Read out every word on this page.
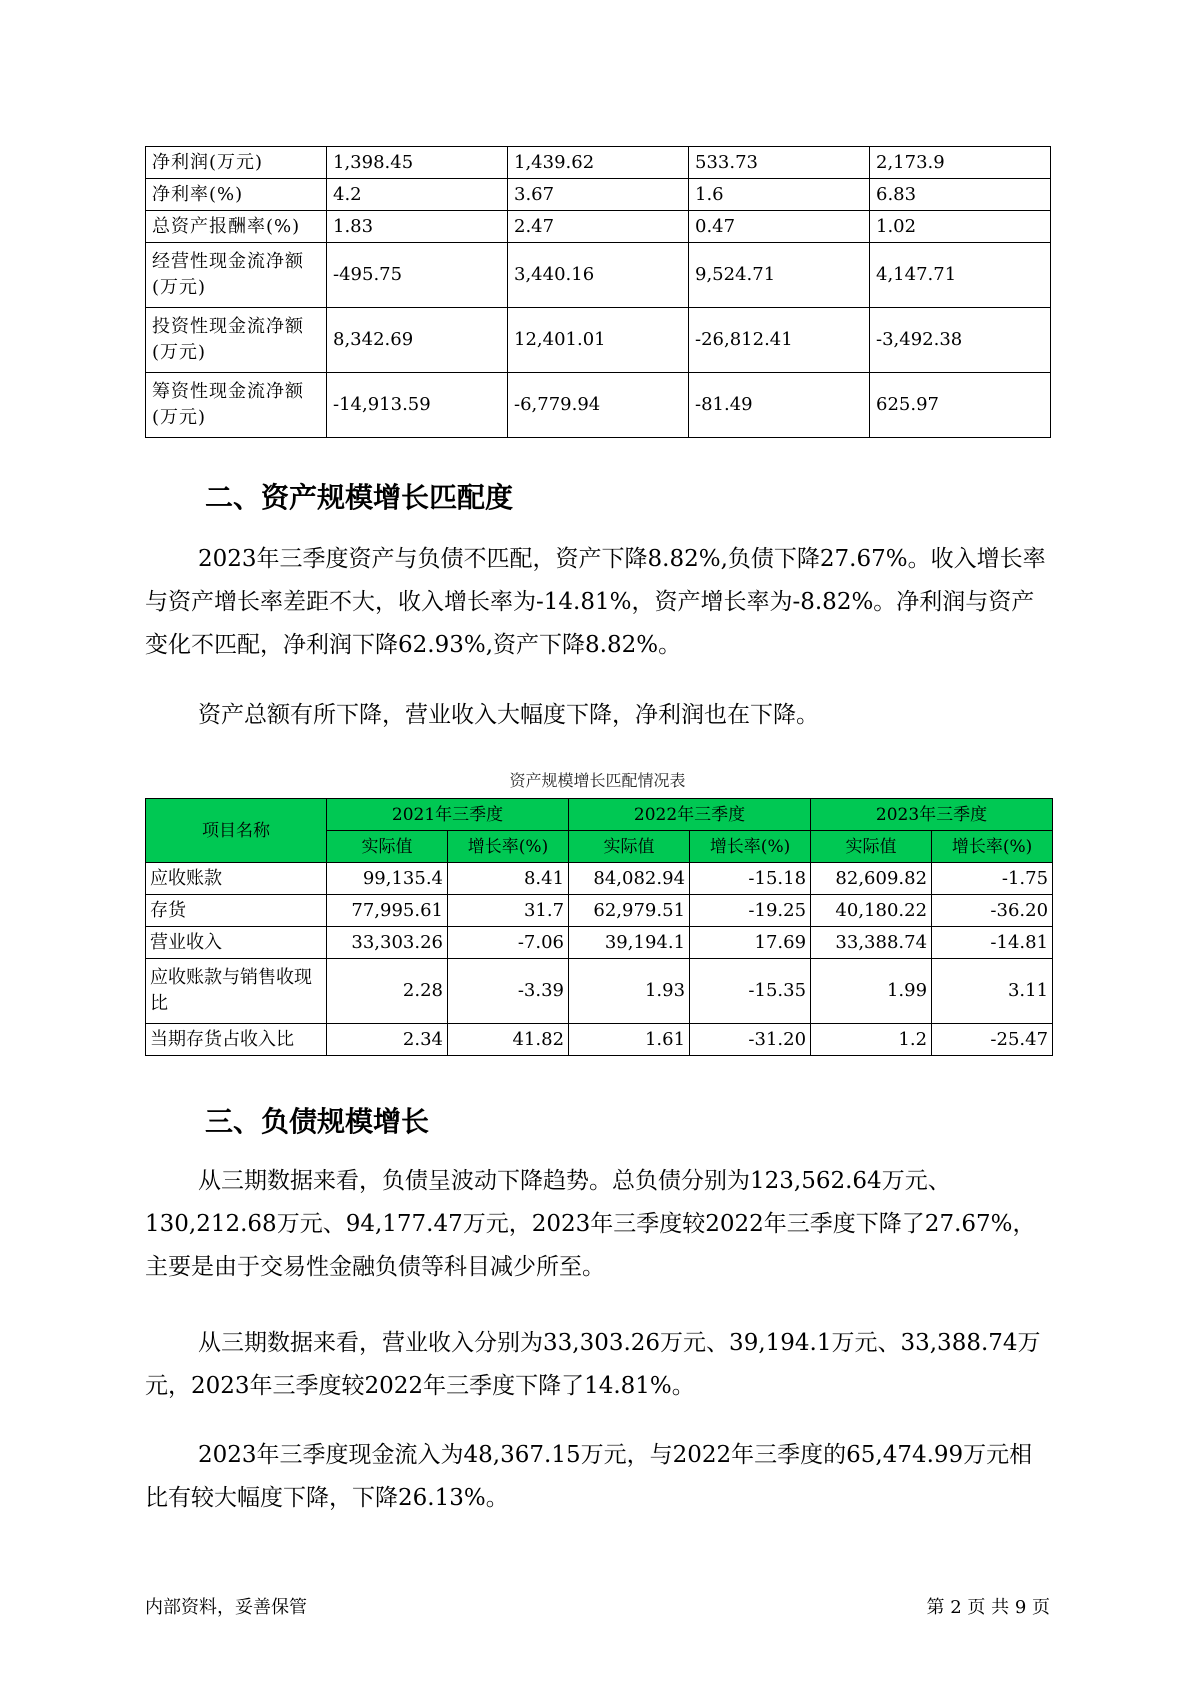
净利润(万元)	1,398.45	1,439.62	533.73	2,173.9
净利率(%)	4.2	3.67	1.6	6.83
总资产报酬率(%)	1.83	2.47	0.47	1.02
经营性现金流净额(万元)	-495.75	3,440.16	9,524.71	4,147.71
投资性现金流净额(万元)	8,342.69	12,401.01	-26,812.41	-3,492.38
筹资性现金流净额(万元)	-14,913.59	-6,779.94	-81.49	625.97
二、资产规模增长匹配度

2023年三季度资产与负债不匹配，资产下降8.82%,负债下降27.67%。收入增长率与资产增长率差距不大，收入增长率为-14.81%，资产增长率为-8.82%。净利润与资产变化不匹配，净利润下降62.93%,资产下降8.82%。

资产总额有所下降，营业收入大幅度下降，净利润也在下降。

资产规模增长匹配情况表
项目名称	2021年三季度		2022年三季度		2023年三季度	
	实际值	增长率(%)	实际值	增长率(%)	实际值	增长率(%)
应收账款	99,135.4	8.41	84,082.94	-15.18	82,609.82	-1.75
存货	77,995.61	31.7	62,979.51	-19.25	40,180.22	-36.20
营业收入	33,303.26	-7.06	39,194.1	17.69	33,388.74	-14.81
应收账款与销售收现比	2.28	-3.39	1.93	-15.35	1.99	3.11
当期存货占收入比	2.34	41.82	1.61	-31.20	1.2	-25.47
三、负债规模增长

从三期数据来看，负债呈波动下降趋势。总负债分别为123,562.64万元、130,212.68万元、94,177.47万元，2023年三季度较2022年三季度下降了27.67%，主要是由于交易性金融负债等科目减少所至。

从三期数据来看，营业收入分别为33,303.26万元、39,194.1万元、33,388.74万元，2023年三季度较2022年三季度下降了14.81%。

2023年三季度现金流入为48,367.15万元，与2022年三季度的65,474.99万元相比有较大幅度下降，下降26.13%。

内部资料，妥善保管	第 2 页 共 9 页
